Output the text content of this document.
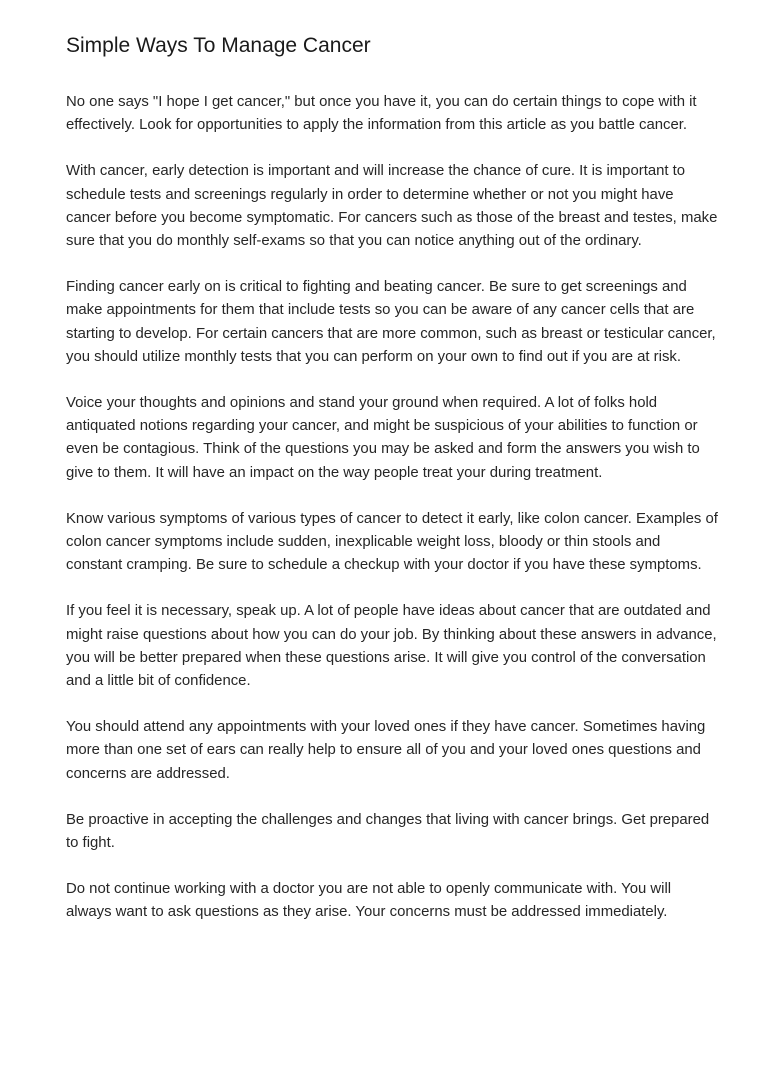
Simple Ways To Manage Cancer

No one says "I hope I get cancer," but once you have it, you can do certain things to cope with it effectively. Look for opportunities to apply the information from this article as you battle cancer.

With cancer, early detection is important and will increase the chance of cure. It is important to schedule tests and screenings regularly in order to determine whether or not you might have cancer before you become symptomatic. For cancers such as those of the breast and testes, make sure that you do monthly self-exams so that you can notice anything out of the ordinary.

Finding cancer early on is critical to fighting and beating cancer. Be sure to get screenings and make appointments for them that include tests so you can be aware of any cancer cells that are starting to develop. For certain cancers that are more common, such as breast or testicular cancer, you should utilize monthly tests that you can perform on your own to find out if you are at risk.

Voice your thoughts and opinions and stand your ground when required. A lot of folks hold antiquated notions regarding your cancer, and might be suspicious of your abilities to function or even be contagious. Think of the questions you may be asked and form the answers you wish to give to them. It will have an impact on the way people treat your during treatment.

Know various symptoms of various types of cancer to detect it early, like colon cancer. Examples of colon cancer symptoms include sudden, inexplicable weight loss, bloody or thin stools and constant cramping. Be sure to schedule a checkup with your doctor if you have these symptoms.

If you feel it is necessary, speak up. A lot of people have ideas about cancer that are outdated and might raise questions about how you can do your job. By thinking about these answers in advance, you will be better prepared when these questions arise. It will give you control of the conversation and a little bit of confidence.

You should attend any appointments with your loved ones if they have cancer. Sometimes having more than one set of ears can really help to ensure all of you and your loved ones questions and concerns are addressed.

Be proactive in accepting the challenges and changes that living with cancer brings. Get prepared to fight.

Do not continue working with a doctor you are not able to openly communicate with. You will always want to ask questions as they arise. Your concerns must be addressed immediately.
